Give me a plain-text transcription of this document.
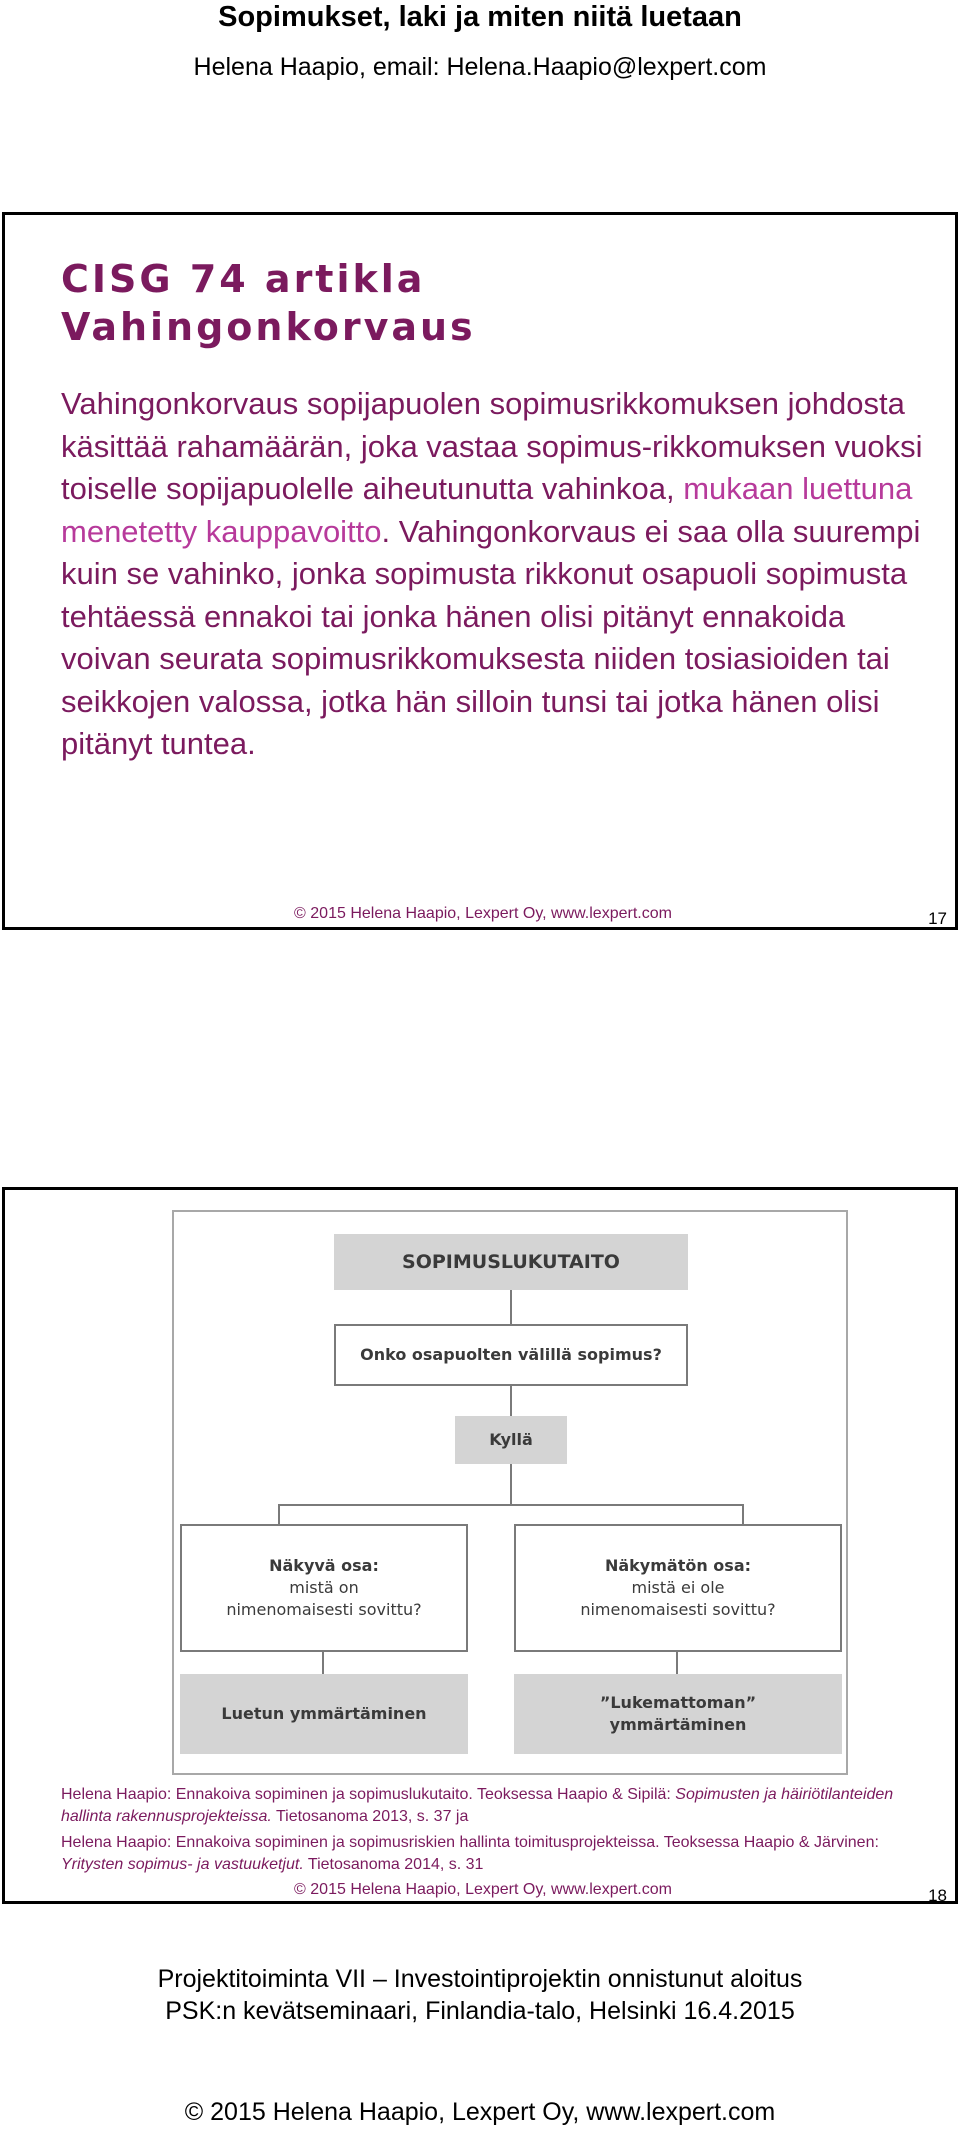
Sopimukset, laki ja miten niitä luetaan
Helena Haapio, email: Helena.Haapio@lexpert.com
CISG 74 artikla
Vahingonkorvaus
Vahingonkorvaus sopijapuolen sopimusrikkomuksen johdosta käsittää rahamäärän, joka vastaa sopimus-rikkomuksen vuoksi toiselle sopijapuolelle aiheutunutta vahinkoa, mukaan luettuna menetetty kauppavoitto. Vahingonkorvaus ei saa olla suurempi kuin se vahinko, jonka sopimusta rikkonut osapuoli sopimusta tehtäessä ennakoi tai jonka hänen olisi pitänyt ennakoida voivan seurata sopimusrikkomuksesta niiden tosiasioiden tai seikkojen valossa, jotka hän silloin tunsi tai jotka hänen olisi pitänyt tuntea.
© 2015 Helena Haapio, Lexpert Oy, www.lexpert.com	17
SOPIMUSLUKUTAITO
Onko osapuolten välillä sopimus?
Kyllä
Näkyvä osa:
mistä on
nimenomaisesti sovittu?
Näkymätön osa:
mistä ei ole
nimenomaisesti sovittu?
Luetun ymmärtäminen
”Lukemattoman”
ymmärtäminen
Helena Haapio: Ennakoiva sopiminen ja sopimuslukutaito. Teoksessa Haapio & Sipilä: Sopimusten ja häiriötilanteiden hallinta rakennusprojekteissa. Tietosanoma 2013, s. 37 ja
Helena Haapio: Ennakoiva sopiminen ja sopimusriskien hallinta toimitusprojekteissa. Teoksessa Haapio & Järvinen: Yritysten sopimus- ja vastuuketjut. Tietosanoma 2014, s. 31
© 2015 Helena Haapio, Lexpert Oy, www.lexpert.com	18
Projektitoiminta VII – Investointiprojektin onnistunut aloitus
PSK:n kevätseminaari, Finlandia-talo, Helsinki 16.4.2015
© 2015 Helena Haapio, Lexpert Oy, www.lexpert.com
